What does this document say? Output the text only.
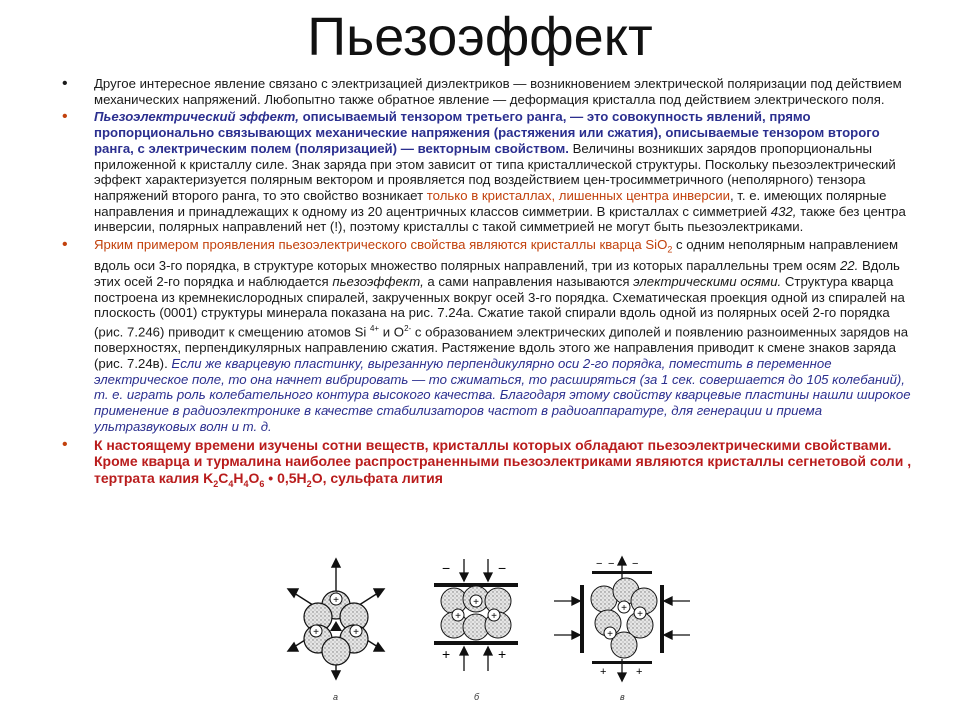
Пьезоэффект
• Другое интересное явление связано с электризацией диэлектриков — возникновением электрической поляризации под действием механических напряжений. Любопытно также обратное явление — деформация кристалла под действием электрического поля.
• Пьезоэлектрический эффект, описываемый тензором третьего ранга, — это совокупность явлений, прямо пропорционально связывающих механические напряжения (растяжения или сжатия), описываемые тензором второго ранга, с электрическим полем (поляризацией) — векторным свойством. Величины возникших зарядов пропорциональны приложенной к кристаллу силе. Знак заряда при этом зависит от типа кристаллической структуры. Поскольку пьезоэлектрический эффект характеризуется полярным вектором и проявляется под воздействием цен-тросимметричного (неполярного) тензора напряжений второго ранга, то это свойство возникает только в кристаллах, лишенных центра инверсии, т. е. имеющих полярные направления и принадлежащих к одному из 20 ацентричных классов симметрии. В кристаллах с симметрией 432, также без центра инверсии, полярных направлений нет (!), поэтому кристаллы с такой симметрией не могут быть пьезоэлектриками.
• Ярким примером проявления пьезоэлектрического свойства являются кристаллы кварца SiO$_2$ с одним неполярным направлением вдоль оси 3-го порядка, в структуре которых множество полярных направлений, три из которых параллельны трем осям 22. Вдоль этих осей 2-го порядка и наблюдается пьезоэффект, а сами направления называются электрическими осями. Структура кварца построена из кремнекислородных спиралей, закрученных вокруг осей 3-го порядка. Схематическая проекция одной из спиралей на плоскость (0001) структуры минерала показана на рис. 7.24а. Сжатие такой спирали вдоль одной из полярных осей 2-го порядка (рис. 7.246) приводит к смещению атомов Si $^{4+}$ и $O^{2-}$ с образованием электрических диполей и появлению разноименных зарядов на поверхностях, перпендикулярных направлению сжатия. Растяжение вдоль этого же направления приводит к смене знаков заряда (рис. 7.24в). Если же кварцевую пластинку, вырезанную перпендикулярно оси 2-го порядка, поместить в переменное электрическое поле, то она начнет вибрировать — то сжиматься, то расширяться (за 1 сек. совершается до 105 колебаний), т. е. играть роль колебательного контура высокого качества. Благодаря этому свойству кварцевые пластины нашли широкое применение в радиоэлектронике в качестве стабилизаторов частот в радиоаппаратуре, для генерации и приема ультразвуковых волн и т. д.
• К настоящему времени изучены сотни веществ, кристаллы которых обладают пьезоэлектрическими свойствами. Кроме кварца и турмалина наиболее распространенными пьезоэлектриками являются кристаллы сегнетовой соли , тертрата калия $K_2C_4H_4O_6$ • $0,5H_2O$, сульфата лития
+
+	+
−	−
+
+	+
+	+
− − −
+
+
+
+	+
a	б	в
